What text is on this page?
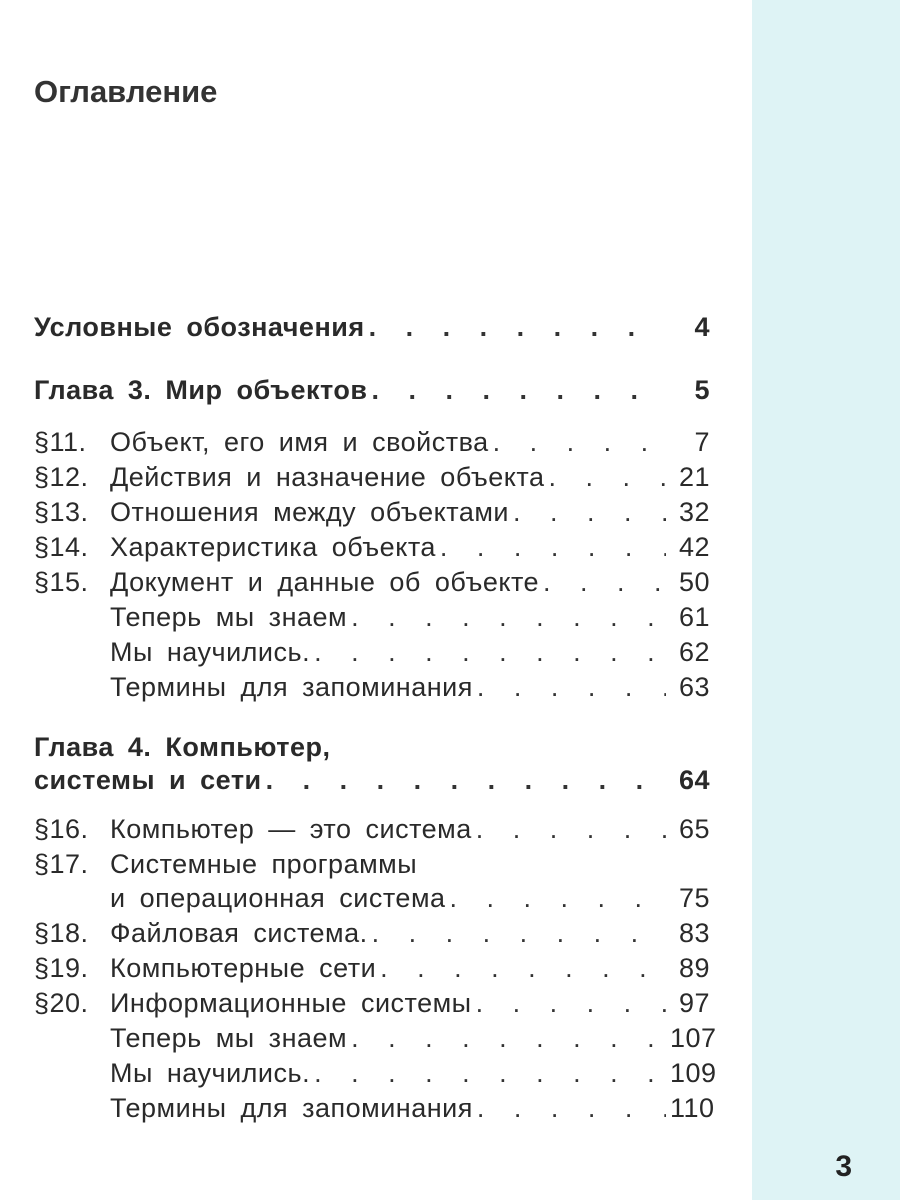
Оглавление
Условные обозначения . . .	4
Глава 3. Мир объектов . . .	5
§11. Объект, его имя и свойства . . .	7
§12. Действия и назначение объекта . . .	21
§13. Отношения между объектами . . .	32
§14. Характеристика объекта . . .	42
§15. Документ и данные об объекте . . .	50
Теперь мы знаем . . .	61
Мы научились. . . .	62
Термины для запоминания . . .	63
Глава 4. Компьютер,
системы и сети . . .	64
§16. Компьютер — это система . . .	65
§17. Системные программы
и операционная система . . .	75
§18. Файловая система. . . .	83
§19. Компьютерные сети . . .	89
§20. Информационные системы . . .	97
Теперь мы знаем . . .	107
Мы научились. . . .	109
Термины для запоминания . . .	110
3
